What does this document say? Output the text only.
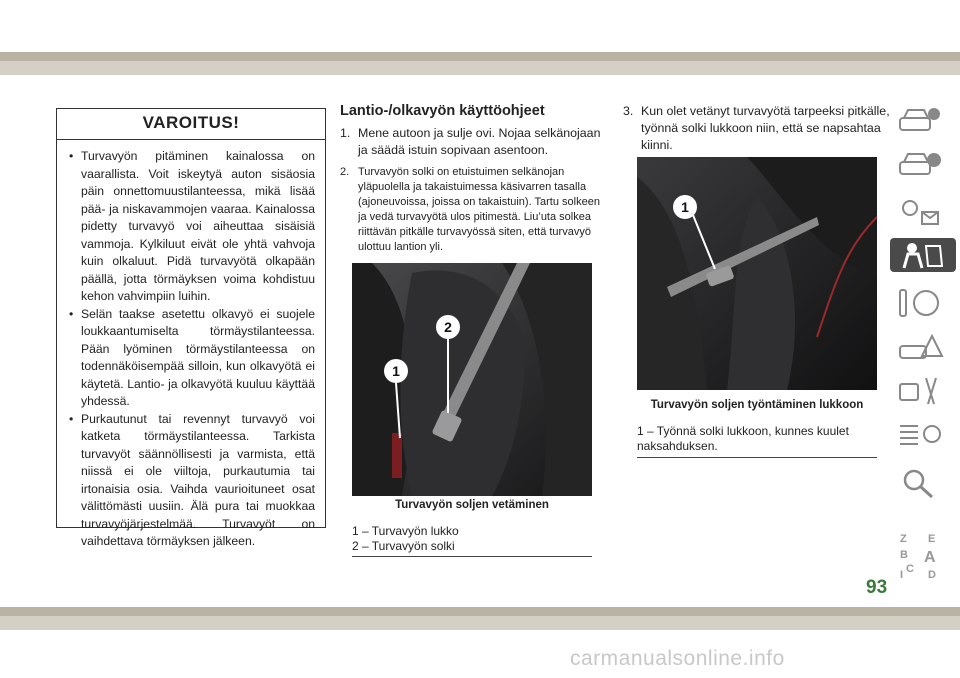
VAROITUS!
• Turvavyön pitäminen kainalossa on vaarallista. Voit iskeytyä auton sisäosia päin onnettomuustilanteessa, mikä lisää pää- ja niskavammojen vaaraa. Kainalossa pidetty turvavyö voi aiheuttaa sisäisiä vammoja. Kylkiluut eivät ole yhtä vahvoja kuin olkaluut. Pidä turvavyötä olkapään päällä, jotta törmäyksen voima kohdistuu kehon vahvimpiin luihin.
• Selän taakse asetettu olkavyö ei suojele loukkaantumiselta törmäystilanteessa. Pään lyöminen törmäystilanteessa on todennäköisempää silloin, kun olkavyötä ei käytetä. Lantio- ja olkavyötä kuuluu käyttää yhdessä.
• Purkautunut tai revennyt turvavyö voi katketa törmäystilanteessa. Tarkista turvavyöt säännöllisesti ja varmista, että niissä ei ole viiltoja, purkautumia tai irtonaisia osia. Vaihda vaurioituneet osat välittömästi uusiin. Älä pura tai muokkaa turvavyöjärjestelmää. Turvavyöt on vaihdettava törmäyksen jälkeen.
Lantio-/olkavyön käyttöohjeet
1. Mene autoon ja sulje ovi. Nojaa selkänojaan ja säädä istuin sopivaan asentoon.
2. Turvavyön solki on etuistuimen selkänojan yläpuolella ja takaistuimessa käsivarren tasalla (ajoneuvoissa, joissa on takaistuin). Tartu solkeen ja vedä turvavyötä ulos pitimestä. Liu’uta solkea riittävän pitkälle turvavyössä siten, että turvavyö ulottuu lantion yli.
1
2
Turvavyön soljen vetäminen
1 – Turvavyön lukko
2 – Turvavyön solki
3. Kun olet vetänyt turvavyötä tarpeeksi pitkälle, työnnä solki lukkoon niin, että se napsahtaa kiinni.
1
Turvavyön soljen työntäminen lukkoon
1 – Työnnä solki lukkoon, kunnes kuulet naksahduksen.
Z E
B A
C D
I
93
carmanualsonline.info
